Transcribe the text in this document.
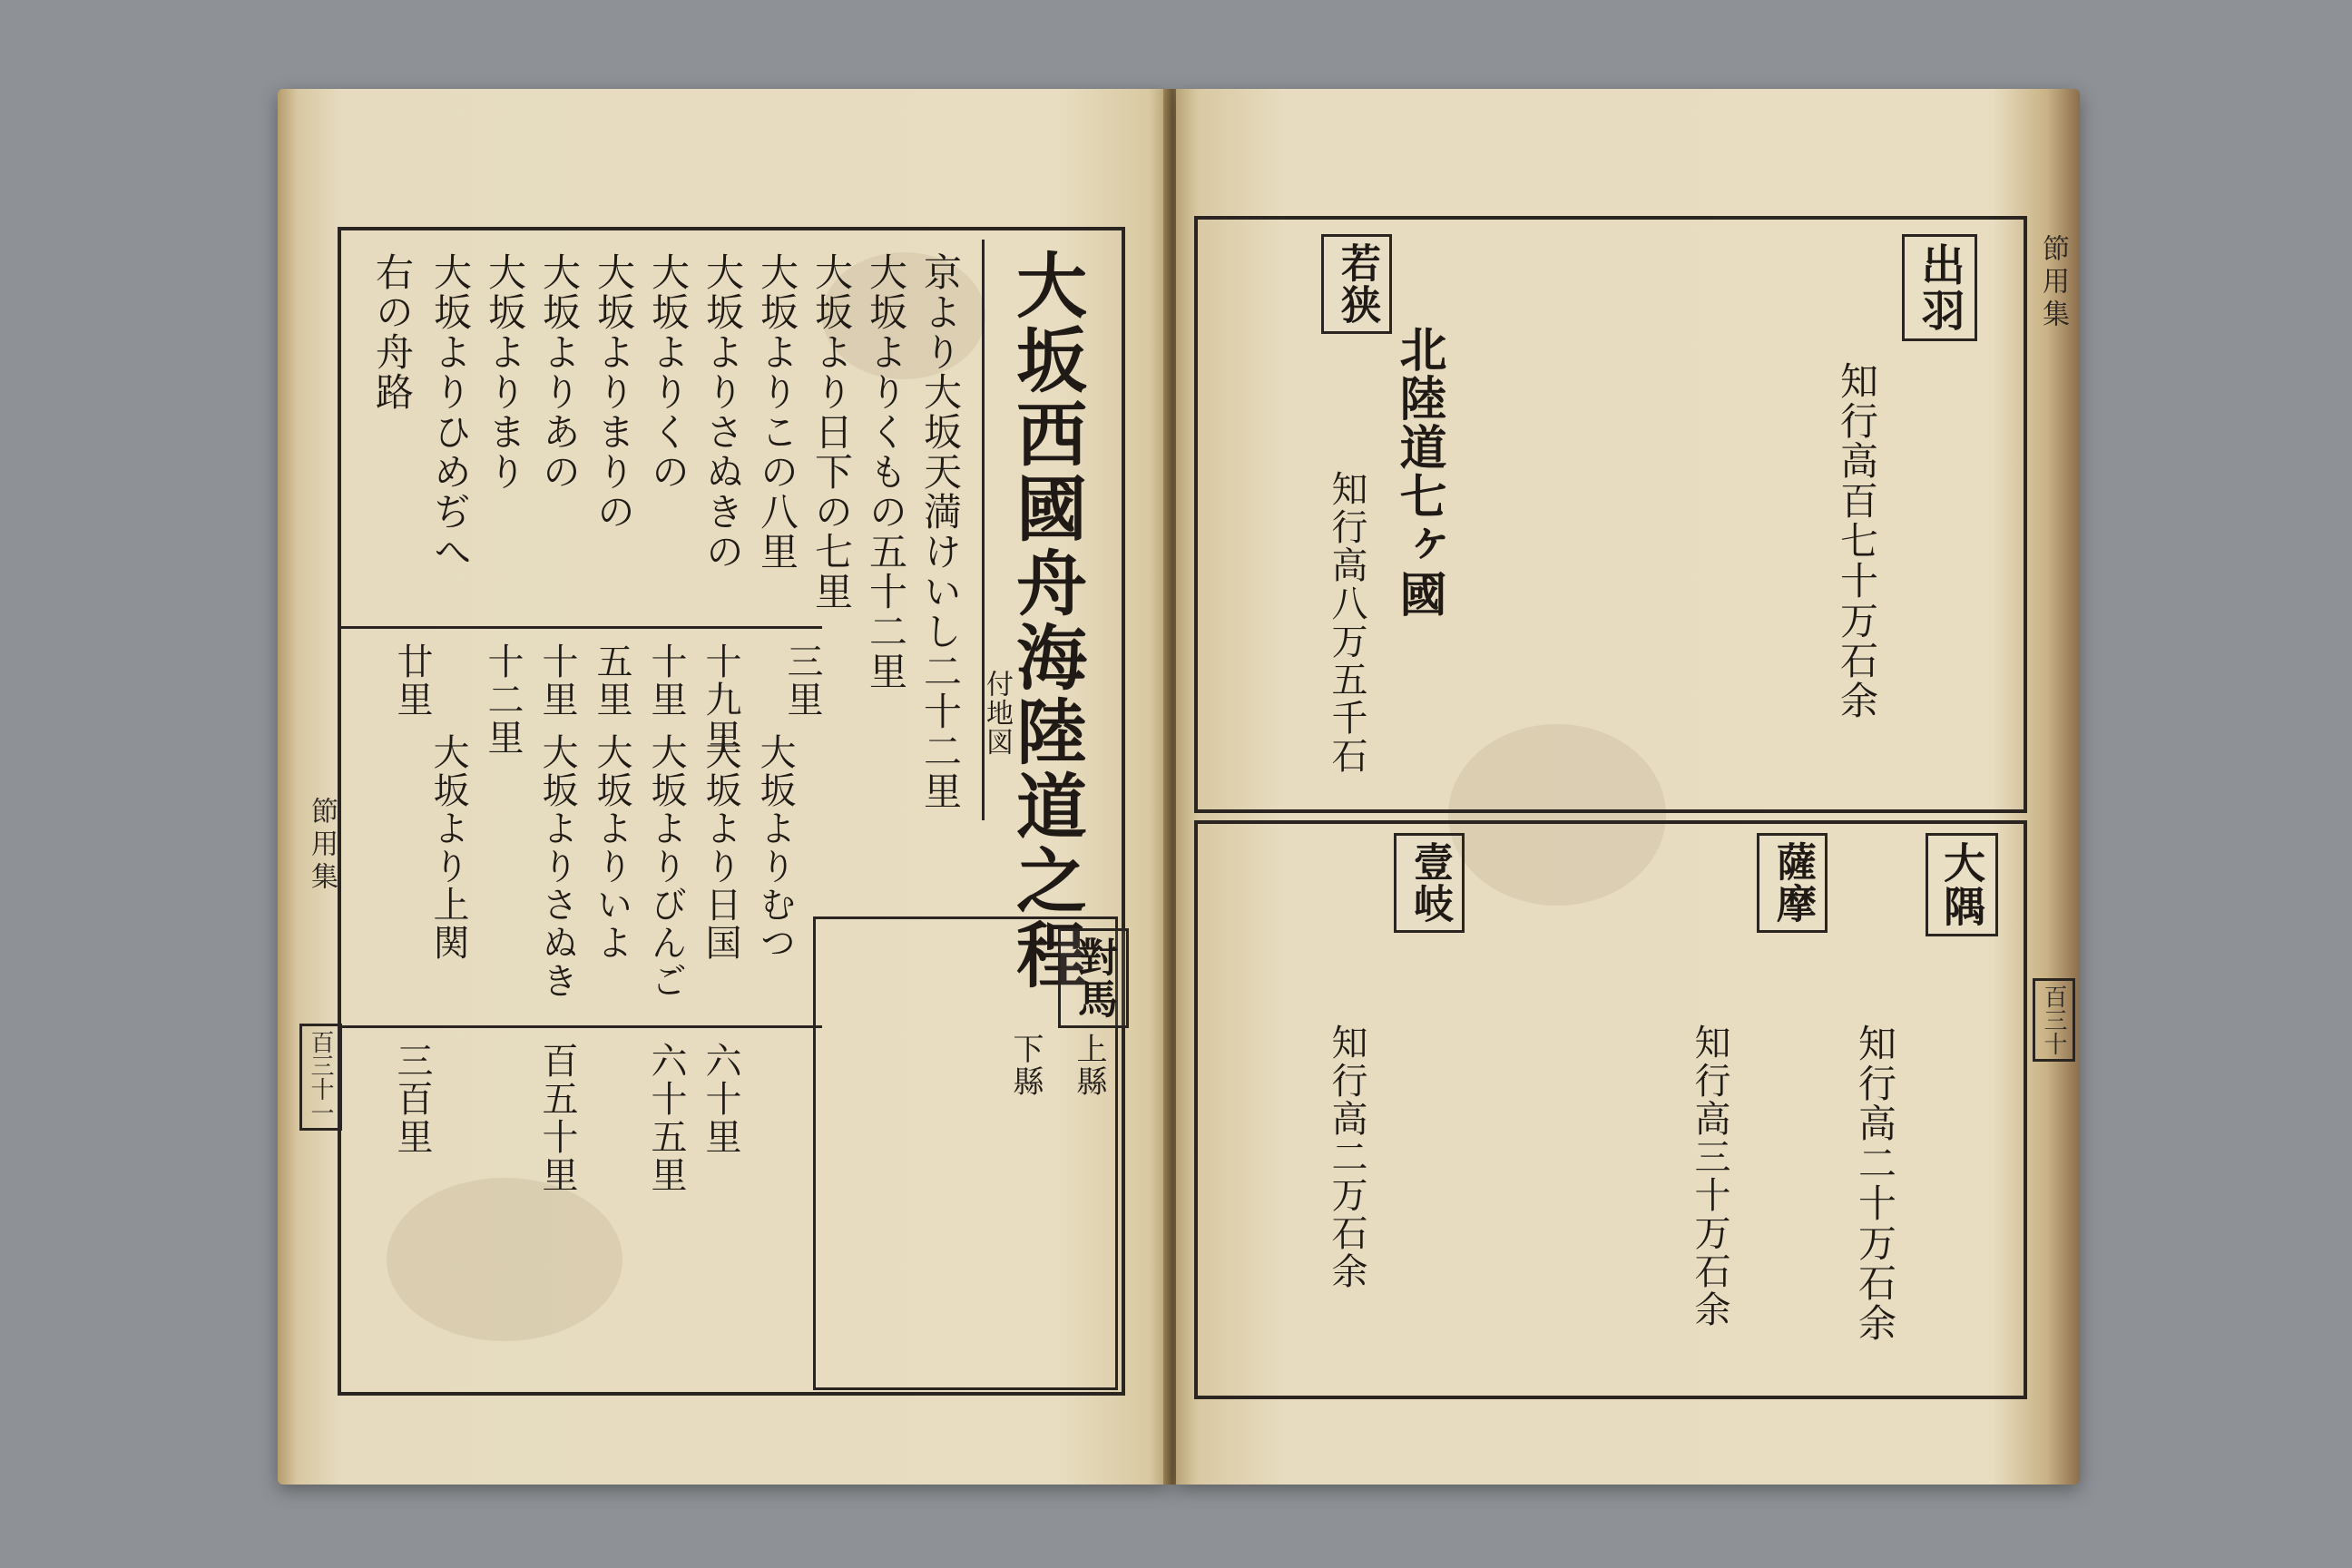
大坂西國舟海陸道之程
付地図
京より大坂天満けいし二十二里
大坂よりくもの五十二里
大坂より日下の七里
大坂よりこの八里
大坂よりさぬきの
大坂よりくの
大坂よりまりの
大坂よりあの
大坂よりまり
大坂よりひめぢへ
右の舟路
三里
十九里
十里
五里
十里
十二里
廿里
大坂よりむつ
大坂より日国
大坂よりびんご
大坂よりいよ
大坂よりさぬき
大坂より上関
六十里
六十五里
百五十里
三百里
對馬
上縣
下縣
節用集
百三十一
出羽
知行高百七十万石余
北陸道七ヶ國
若狭
知行高八万五千石
大隅
知行高二十万石余
薩摩
知行高三十万石余
壹岐
知行高二万石余
節用集
百三十
